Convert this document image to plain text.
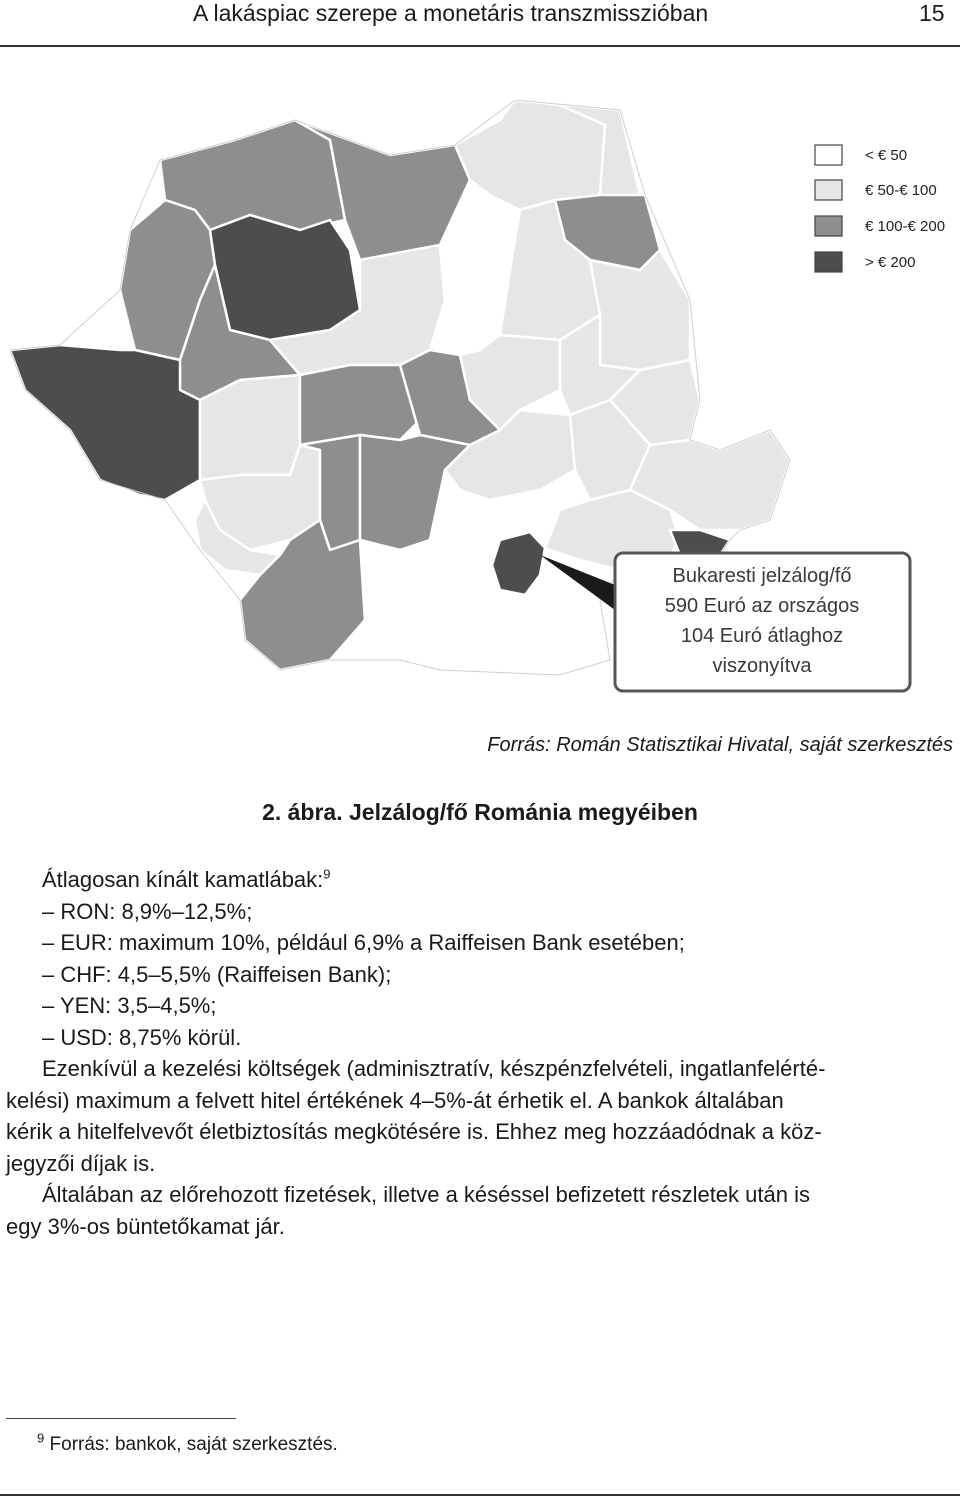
A lakáspiac szerepe a monetáris transzmisszióban	15
< € 50
€ 50-€ 100
€ 100-€ 200
> € 200
Bukaresti jelzálog/fő
590 Euró az országos
104 Euró átlaghoz
viszonyítva
Forrás: Román Statisztikai Hivatal, saját szerkesztés
2. ábra. Jelzálog/fő Románia megyéiben
Átlagosan kínált kamatlábak:$^9$
– RON: 8,9%–12,5%;
– EUR: maximum 10%, például 6,9% a Raiffeisen Bank esetében;
– CHF: 4,5–5,5% (Raiffeisen Bank);
– YEN: 3,5–4,5%;
– USD: 8,75% körül.
Ezenkívül a kezelési költségek (adminisztratív, készpénzfelvételi, ingatlanfelérté-
kelési) maximum a felvett hitel értékének 4–5%-át érhetik el. A bankok általában
kérik a hitelfelvevőt életbiztosítás megkötésére is. Ehhez meg hozzáadódnak a köz-
jegyzői díjak is.
Általában az előrehozott fizetések, illetve a késéssel befizetett részletek után is
egy 3%-os büntetőkamat jár.
$^9$ Forrás: bankok, saját szerkesztés.
